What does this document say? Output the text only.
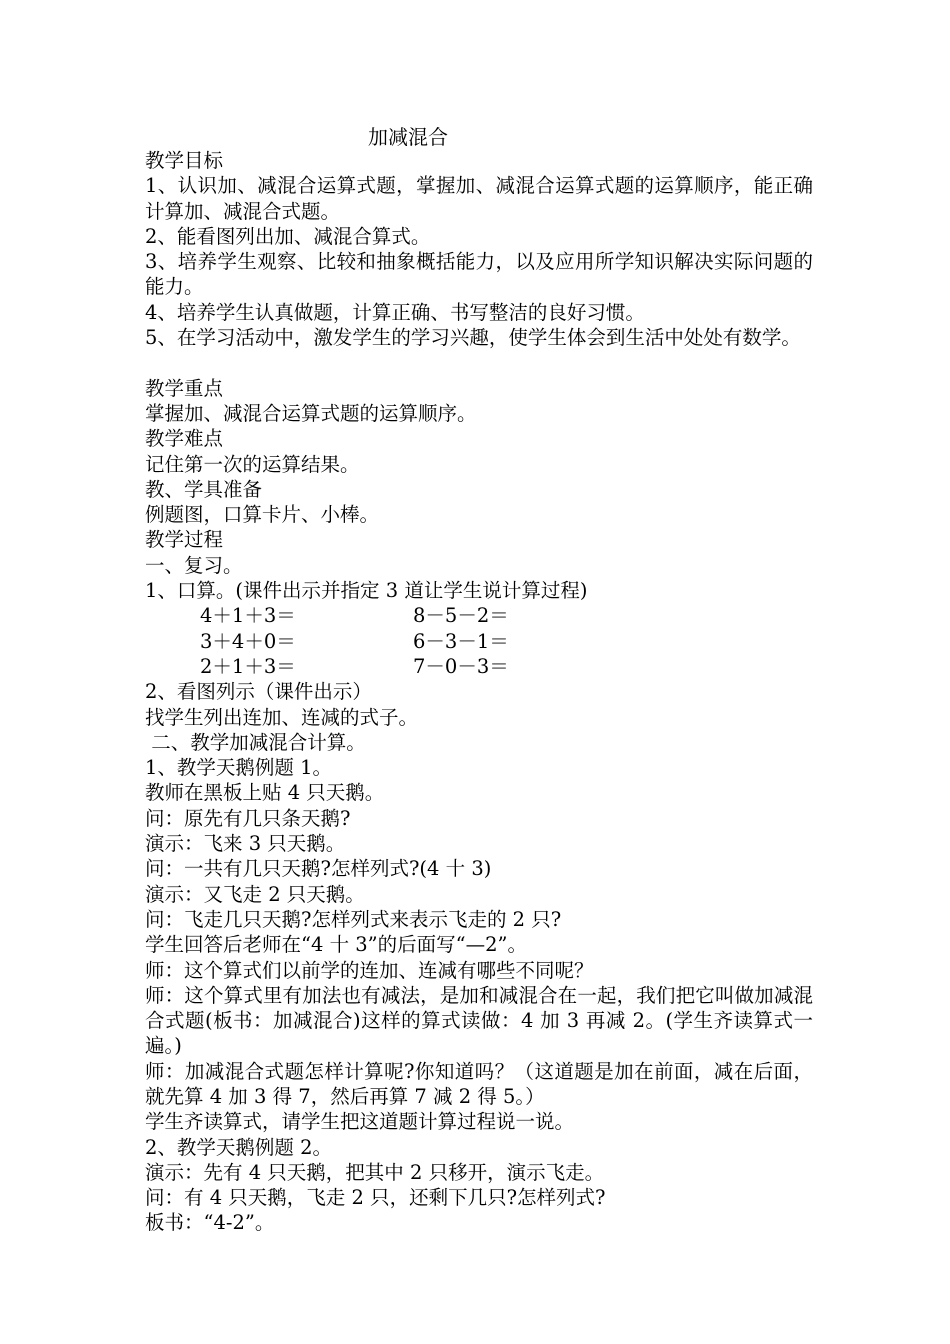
加减混合
教学目标
1、认识加、减混合运算式题，掌握加、减混合运算式题的运算顺序，能正确计算加、减混合式题。
2、能看图列出加、减混合算式。
3、培养学生观察、比较和抽象概括能力，以及应用所学知识解决实际问题的能力。
4、培养学生认真做题，计算正确、书写整洁的良好习惯。
5、在学习活动中，激发学生的学习兴趣，使学生体会到生活中处处有数学。
教学重点
掌握加、减混合运算式题的运算顺序。
教学难点
记住第一次的运算结果。
教、学具准备
例题图，口算卡片、小棒。
教学过程
一、复习。
1、口算。(课件出示并指定 3 道让学生说计算过程)
4＋1＋3＝	8－5－2＝
3＋4＋0＝	6－3－1＝
2＋1＋3＝	7－0－3＝
2、看图列示（课件出示）
找学生列出连加、连减的式子。
二、教学加减混合计算。
1、教学天鹅例题 1。
教师在黑板上贴 4 只天鹅。
问：原先有几只条天鹅?
演示：飞来 3 只天鹅。
问：一共有几只天鹅?怎样列式?(4 十 3)
演示：又飞走 2 只天鹅。
问：飞走几只天鹅?怎样列式来表示飞走的 2 只?
学生回答后老师在“4 十 3”的后面写“—2”。
师：这个算式们以前学的连加、连减有哪些不同呢？
师：这个算式里有加法也有减法，是加和减混合在一起，我们把它叫做加减混合式题(板书：加减混合)这样的算式读做：4 加 3 再减 2。(学生齐读算式一遍。)
师：加减混合式题怎样计算呢?你知道吗？（这道题是加在前面，减在后面，就先算 4 加 3 得 7，然后再算 7 减 2 得 5。）
学生齐读算式，请学生把这道题计算过程说一说。
2、教学天鹅例题 2。
演示：先有 4 只天鹅，把其中 2 只移开，演示飞走。
问：有 4 只天鹅，飞走 2 只，还剩下几只?怎样列式?
板书：“4-2”。
